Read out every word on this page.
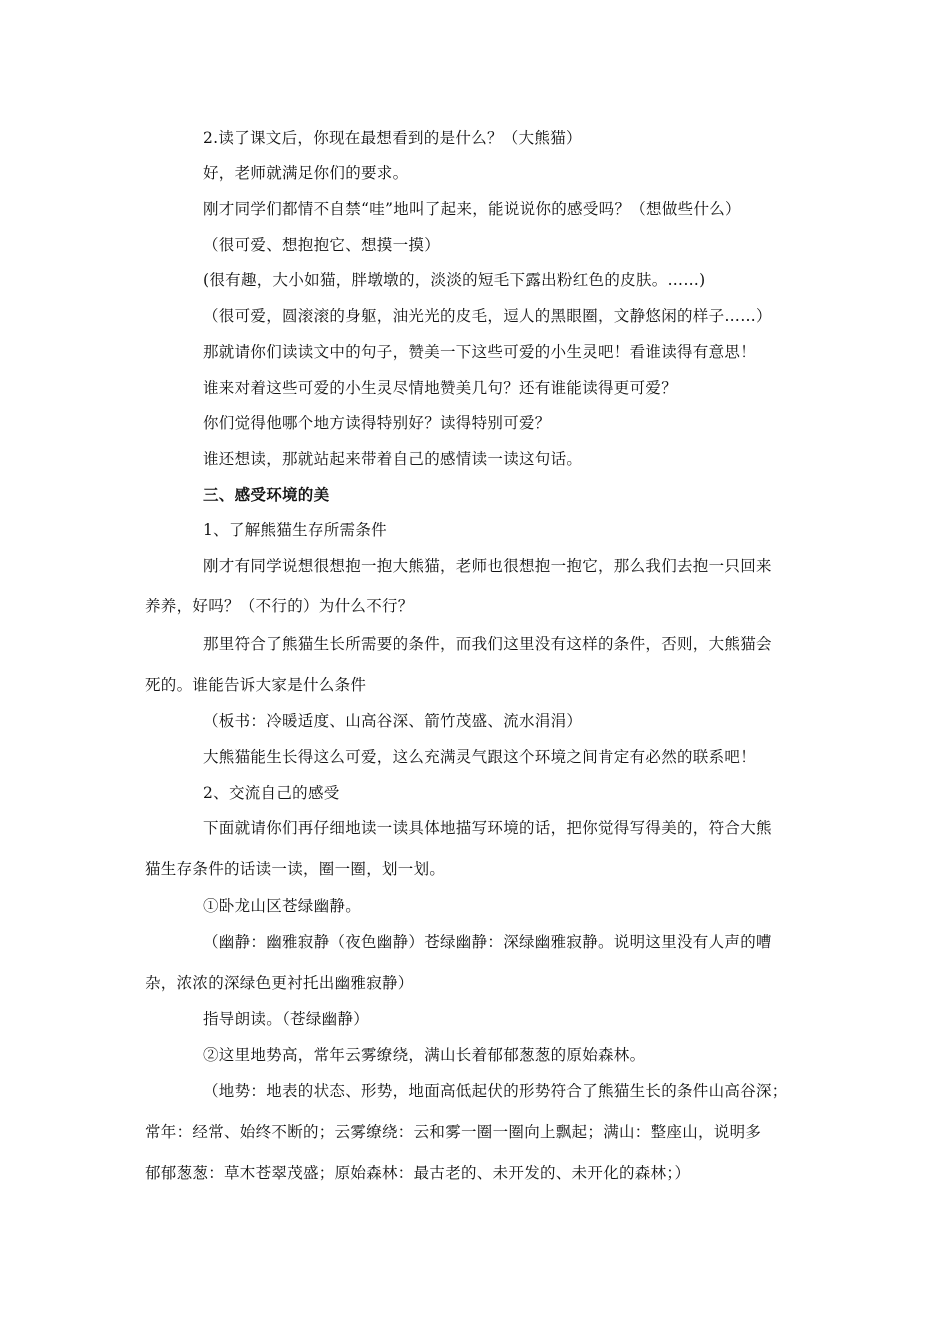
2.读了课文后，你现在最想看到的是什么？（大熊猫）
好，老师就满足你们的要求。
刚才同学们都情不自禁“哇”地叫了起来，能说说你的感受吗？（想做些什么）
（很可爱、想抱抱它、想摸一摸）
(很有趣，大小如猫，胖墩墩的，淡淡的短毛下露出粉红色的皮肤。……)
（很可爱，圆滚滚的身躯，油光光的皮毛，逗人的黑眼圈，文静悠闲的样子……）
那就请你们读读文中的句子，赞美一下这些可爱的小生灵吧！看谁读得有意思！
谁来对着这些可爱的小生灵尽情地赞美几句？还有谁能读得更可爱？
你们觉得他哪个地方读得特别好？读得特别可爱？
谁还想读，那就站起来带着自己的感情读一读这句话。
三、感受环境的美
1、了解熊猫生存所需条件
刚才有同学说想很想抱一抱大熊猫，老师也很想抱一抱它，那么我们去抱一只回来
养养，好吗？（不行的）为什么不行？
那里符合了熊猫生长所需要的条件，而我们这里没有这样的条件，否则，大熊猫会
死的。谁能告诉大家是什么条件
（板书：冷暖适度、山高谷深、箭竹茂盛、流水涓涓）
大熊猫能生长得这么可爱，这么充满灵气跟这个环境之间肯定有必然的联系吧！
2、交流自己的感受
下面就请你们再仔细地读一读具体地描写环境的话，把你觉得写得美的，符合大熊
猫生存条件的话读一读，圈一圈，划一划。
①卧龙山区苍绿幽静。
（幽静：幽雅寂静（夜色幽静）苍绿幽静：深绿幽雅寂静。说明这里没有人声的嘈
杂，浓浓的深绿色更衬托出幽雅寂静）
指导朗读。（苍绿幽静）
②这里地势高，常年云雾缭绕，满山长着郁郁葱葱的原始森林。
（地势：地表的状态、形势，地面高低起伏的形势符合了熊猫生长的条件山高谷深；
常年：经常、始终不断的；云雾缭绕：云和雾一圈一圈向上飘起；满山：整座山，说明多
郁郁葱葱：草木苍翠茂盛；原始森林：最古老的、未开发的、未开化的森林；）
